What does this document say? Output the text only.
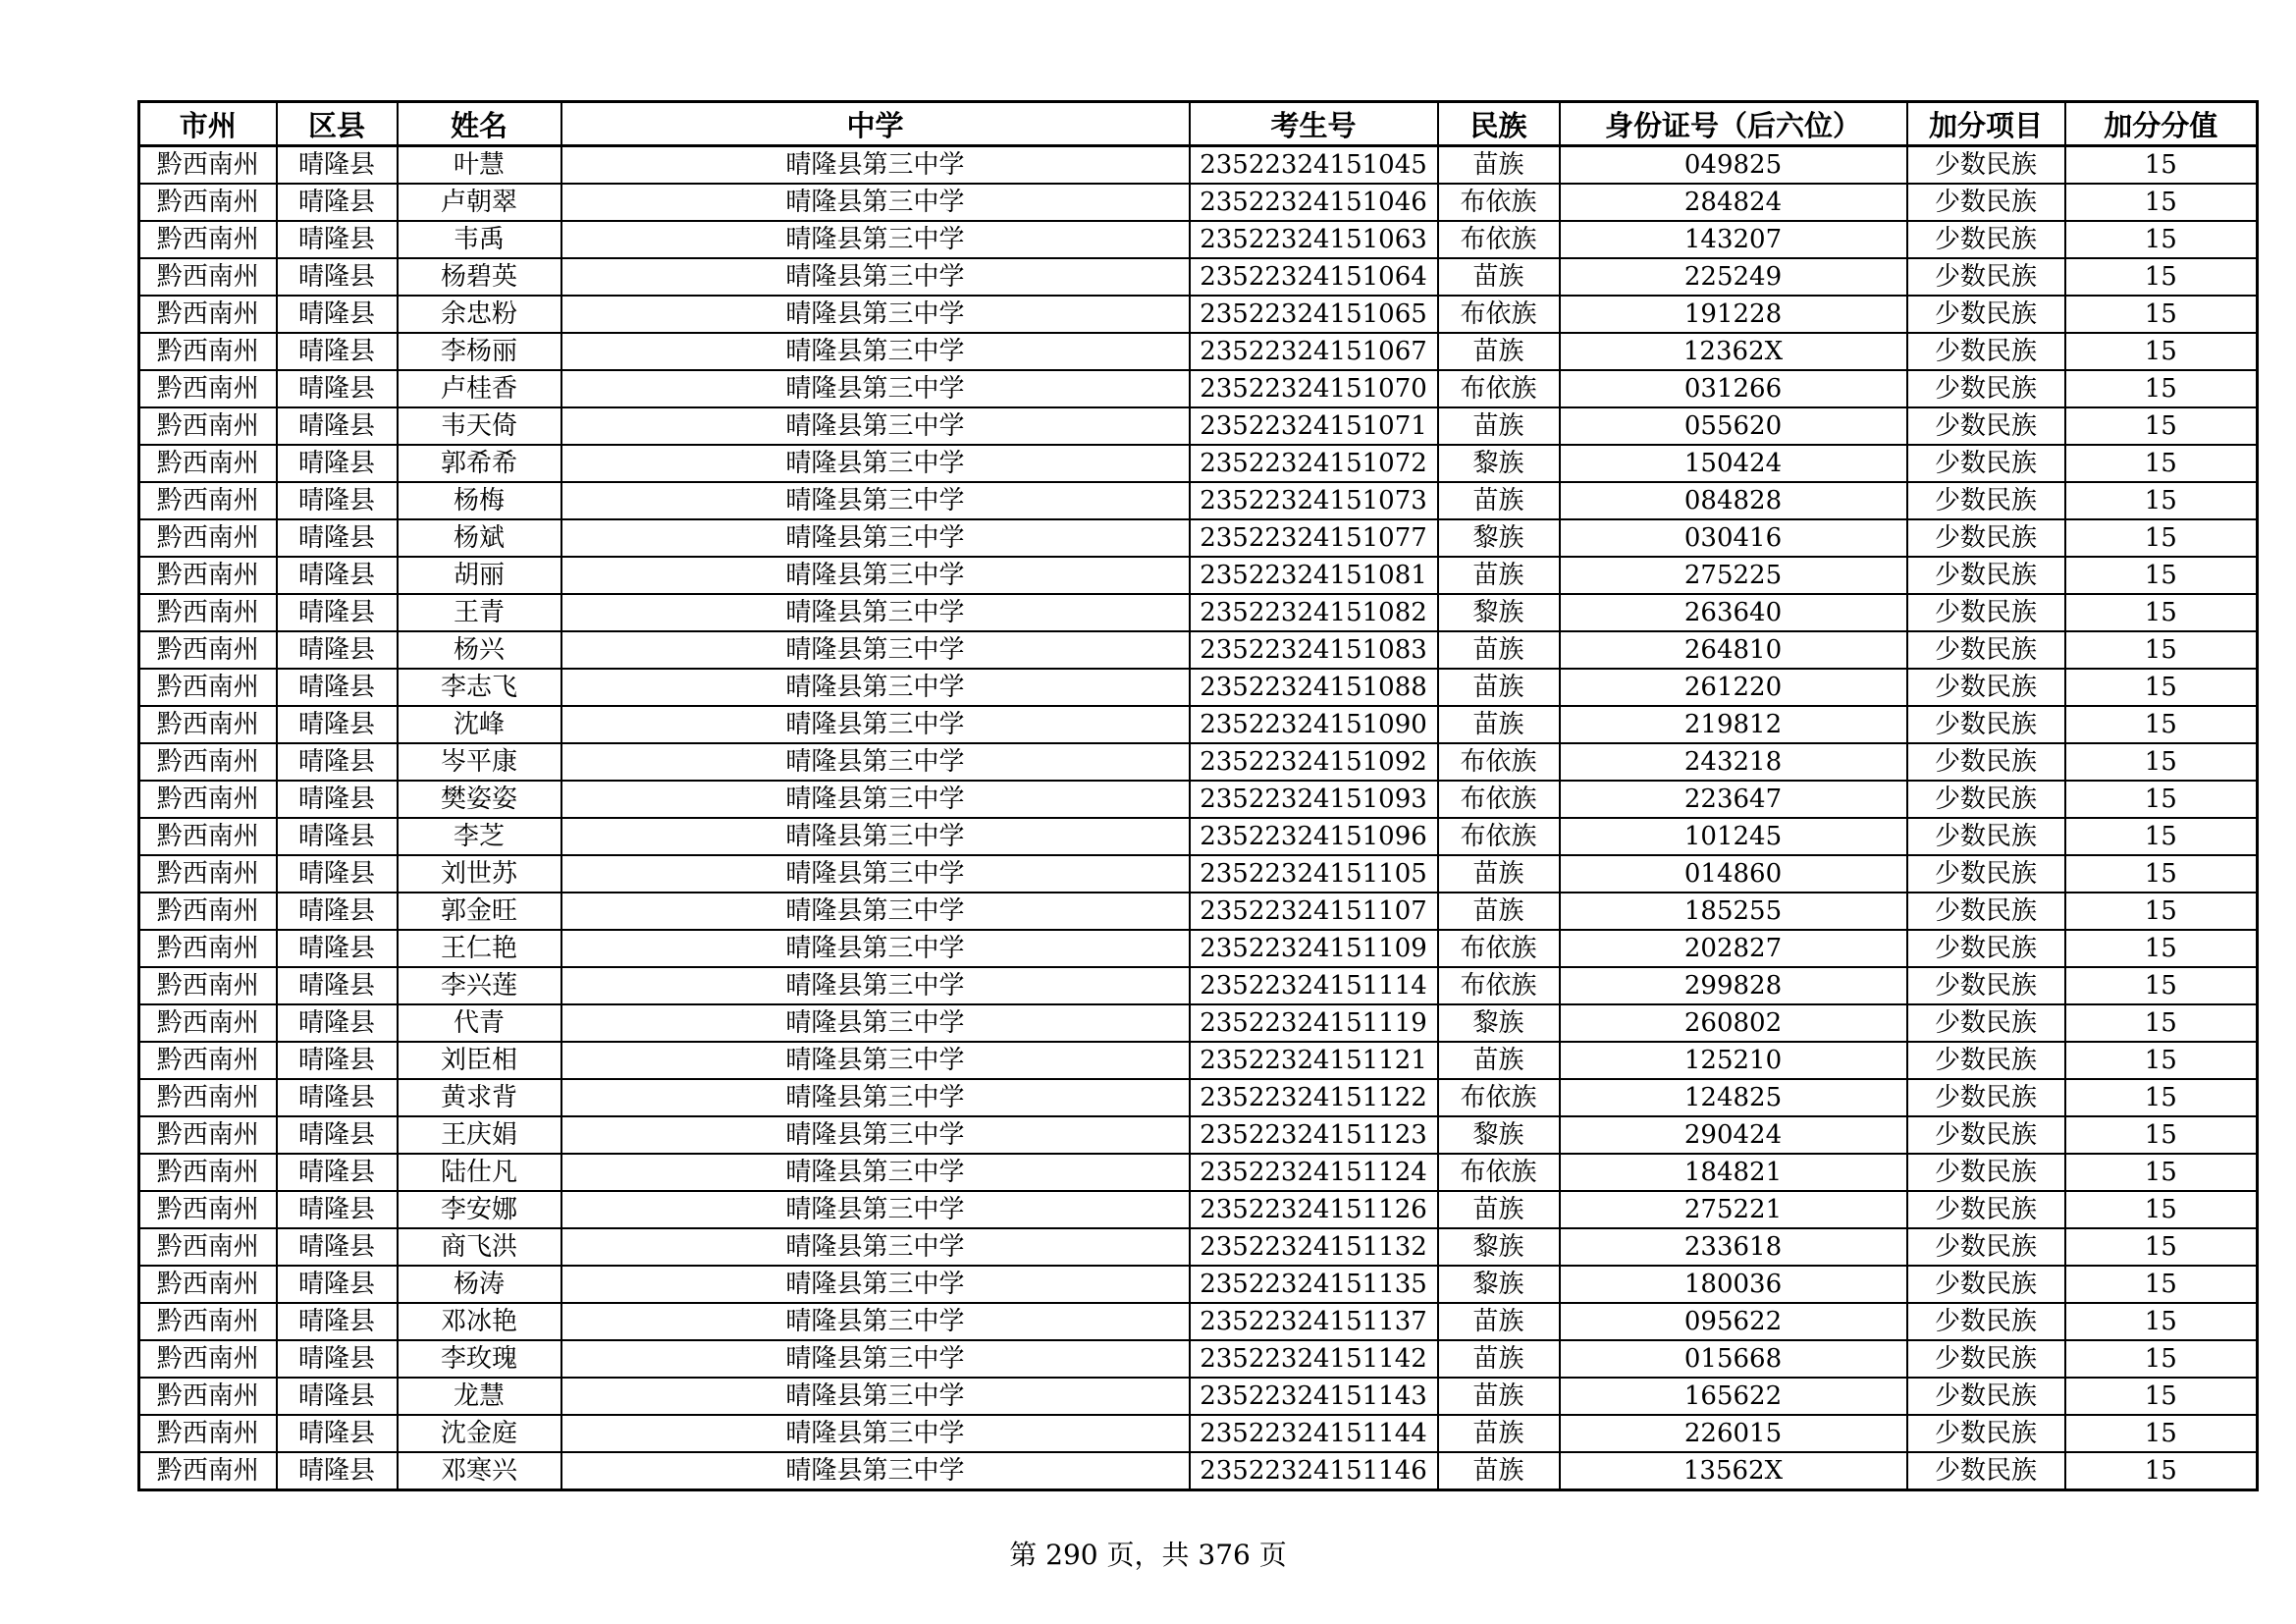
市州	区县	姓名	中学	考生号	民族	身份证号（后六位）	加分项目	加分分值
黔西南州	晴隆县	叶慧	晴隆县第三中学	23522324151045	苗族	049825	少数民族	15
黔西南州	晴隆县	卢朝翠	晴隆县第三中学	23522324151046	布依族	284824	少数民族	15
黔西南州	晴隆县	韦禹	晴隆县第三中学	23522324151063	布依族	143207	少数民族	15
黔西南州	晴隆县	杨碧英	晴隆县第三中学	23522324151064	苗族	225249	少数民族	15
黔西南州	晴隆县	余忠粉	晴隆县第三中学	23522324151065	布依族	191228	少数民族	15
黔西南州	晴隆县	李杨丽	晴隆县第三中学	23522324151067	苗族	12362X	少数民族	15
黔西南州	晴隆县	卢桂香	晴隆县第三中学	23522324151070	布依族	031266	少数民族	15
黔西南州	晴隆县	韦天倚	晴隆县第三中学	23522324151071	苗族	055620	少数民族	15
黔西南州	晴隆县	郭希希	晴隆县第三中学	23522324151072	黎族	150424	少数民族	15
黔西南州	晴隆县	杨梅	晴隆县第三中学	23522324151073	苗族	084828	少数民族	15
黔西南州	晴隆县	杨斌	晴隆县第三中学	23522324151077	黎族	030416	少数民族	15
黔西南州	晴隆县	胡丽	晴隆县第三中学	23522324151081	苗族	275225	少数民族	15
黔西南州	晴隆县	王青	晴隆县第三中学	23522324151082	黎族	263640	少数民族	15
黔西南州	晴隆县	杨兴	晴隆县第三中学	23522324151083	苗族	264810	少数民族	15
黔西南州	晴隆县	李志飞	晴隆县第三中学	23522324151088	苗族	261220	少数民族	15
黔西南州	晴隆县	沈峰	晴隆县第三中学	23522324151090	苗族	219812	少数民族	15
黔西南州	晴隆县	岑平康	晴隆县第三中学	23522324151092	布依族	243218	少数民族	15
黔西南州	晴隆县	樊姿姿	晴隆县第三中学	23522324151093	布依族	223647	少数民族	15
黔西南州	晴隆县	李芝	晴隆县第三中学	23522324151096	布依族	101245	少数民族	15
黔西南州	晴隆县	刘世苏	晴隆县第三中学	23522324151105	苗族	014860	少数民族	15
黔西南州	晴隆县	郭金旺	晴隆县第三中学	23522324151107	苗族	185255	少数民族	15
黔西南州	晴隆县	王仁艳	晴隆县第三中学	23522324151109	布依族	202827	少数民族	15
黔西南州	晴隆县	李兴莲	晴隆县第三中学	23522324151114	布依族	299828	少数民族	15
黔西南州	晴隆县	代青	晴隆县第三中学	23522324151119	黎族	260802	少数民族	15
黔西南州	晴隆县	刘臣相	晴隆县第三中学	23522324151121	苗族	125210	少数民族	15
黔西南州	晴隆县	黄求背	晴隆县第三中学	23522324151122	布依族	124825	少数民族	15
黔西南州	晴隆县	王庆娟	晴隆县第三中学	23522324151123	黎族	290424	少数民族	15
黔西南州	晴隆县	陆仕凡	晴隆县第三中学	23522324151124	布依族	184821	少数民族	15
黔西南州	晴隆县	李安娜	晴隆县第三中学	23522324151126	苗族	275221	少数民族	15
黔西南州	晴隆县	商飞洪	晴隆县第三中学	23522324151132	黎族	233618	少数民族	15
黔西南州	晴隆县	杨涛	晴隆县第三中学	23522324151135	黎族	180036	少数民族	15
黔西南州	晴隆县	邓冰艳	晴隆县第三中学	23522324151137	苗族	095622	少数民族	15
黔西南州	晴隆县	李玫瑰	晴隆县第三中学	23522324151142	苗族	015668	少数民族	15
黔西南州	晴隆县	龙慧	晴隆县第三中学	23522324151143	苗族	165622	少数民族	15
黔西南州	晴隆县	沈金庭	晴隆县第三中学	23522324151144	苗族	226015	少数民族	15
黔西南州	晴隆县	邓寒兴	晴隆县第三中学	23522324151146	苗族	13562X	少数民族	15
第 290 页，共 376 页
